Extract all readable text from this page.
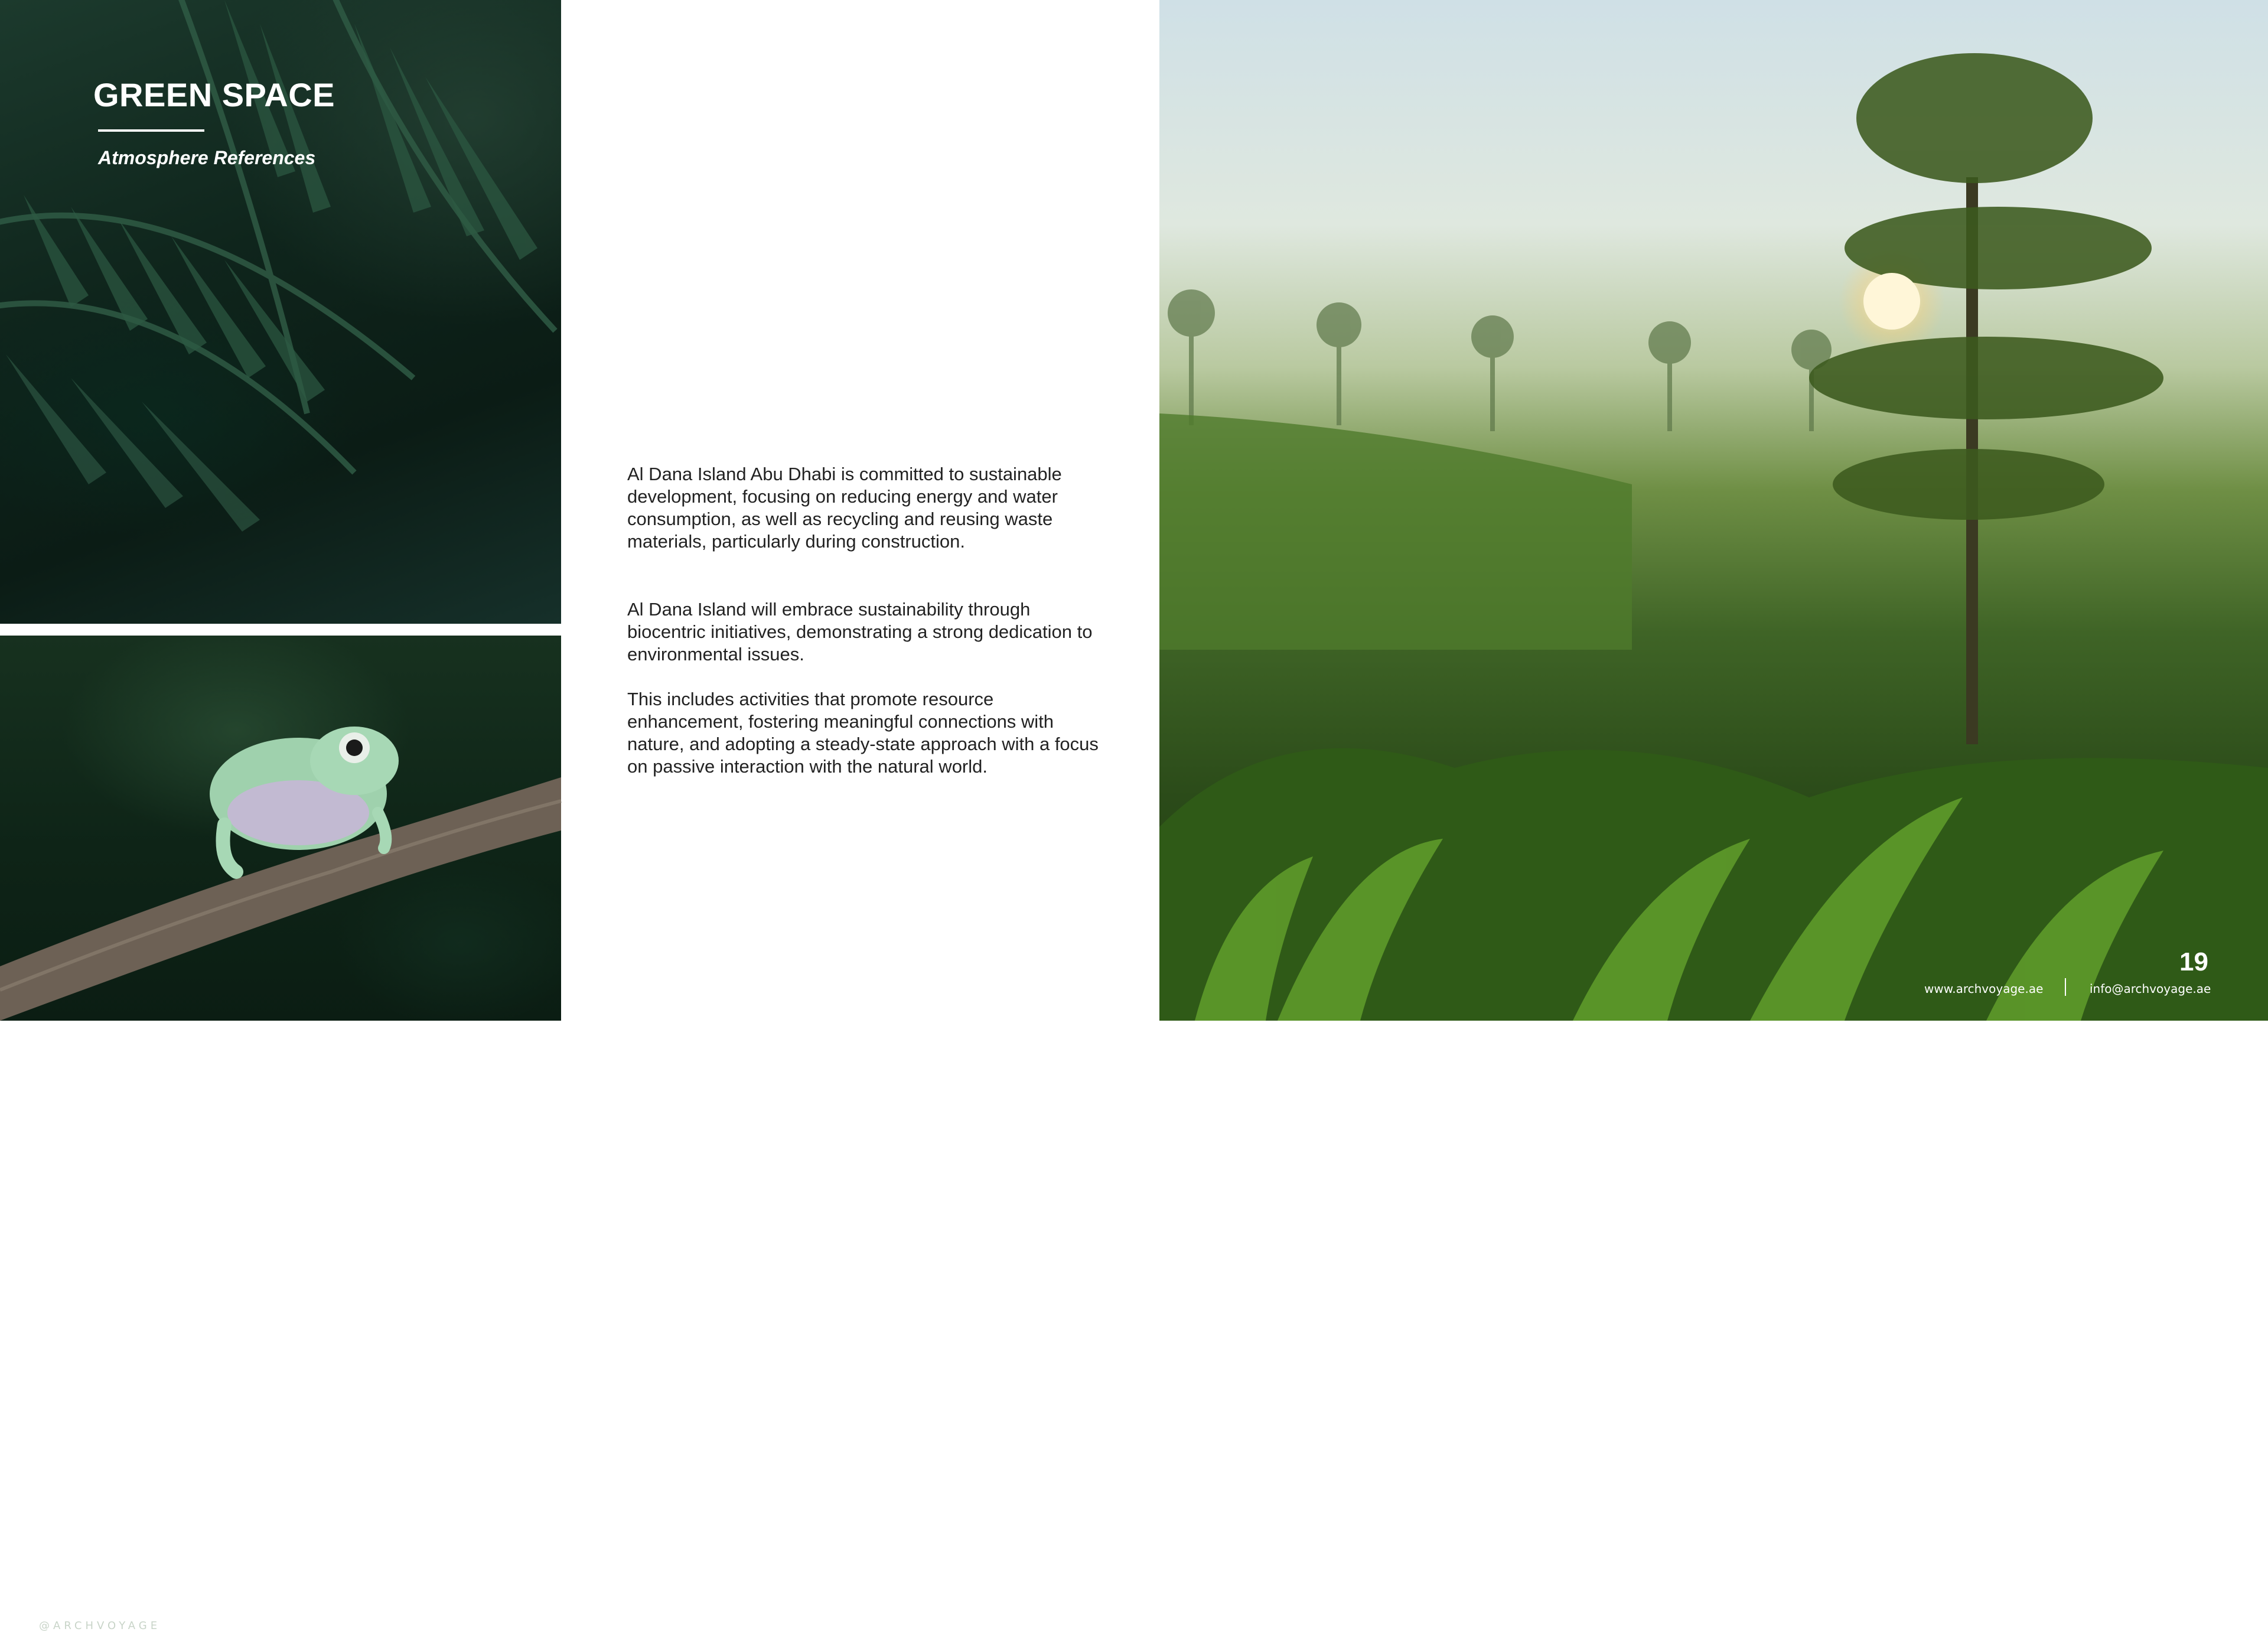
GREEN SPACE

Atmosphere References

@ARCHVOYAGE

Al Dana Island Abu Dhabi is committed to sustainable development, focusing on reducing energy and water consumption, as well as recycling and reusing waste materials, particularly during construction.

Al Dana Island will embrace sustainability through biocentric initiatives, demonstrating a strong dedication to environmental issues.

This includes activities that promote resource enhancement, fostering meaningful connections with nature, and adopting a steady-state approach with a focus on passive interaction with the natural world.

19
www.archvoyage.ae	info@archvoyage.ae
